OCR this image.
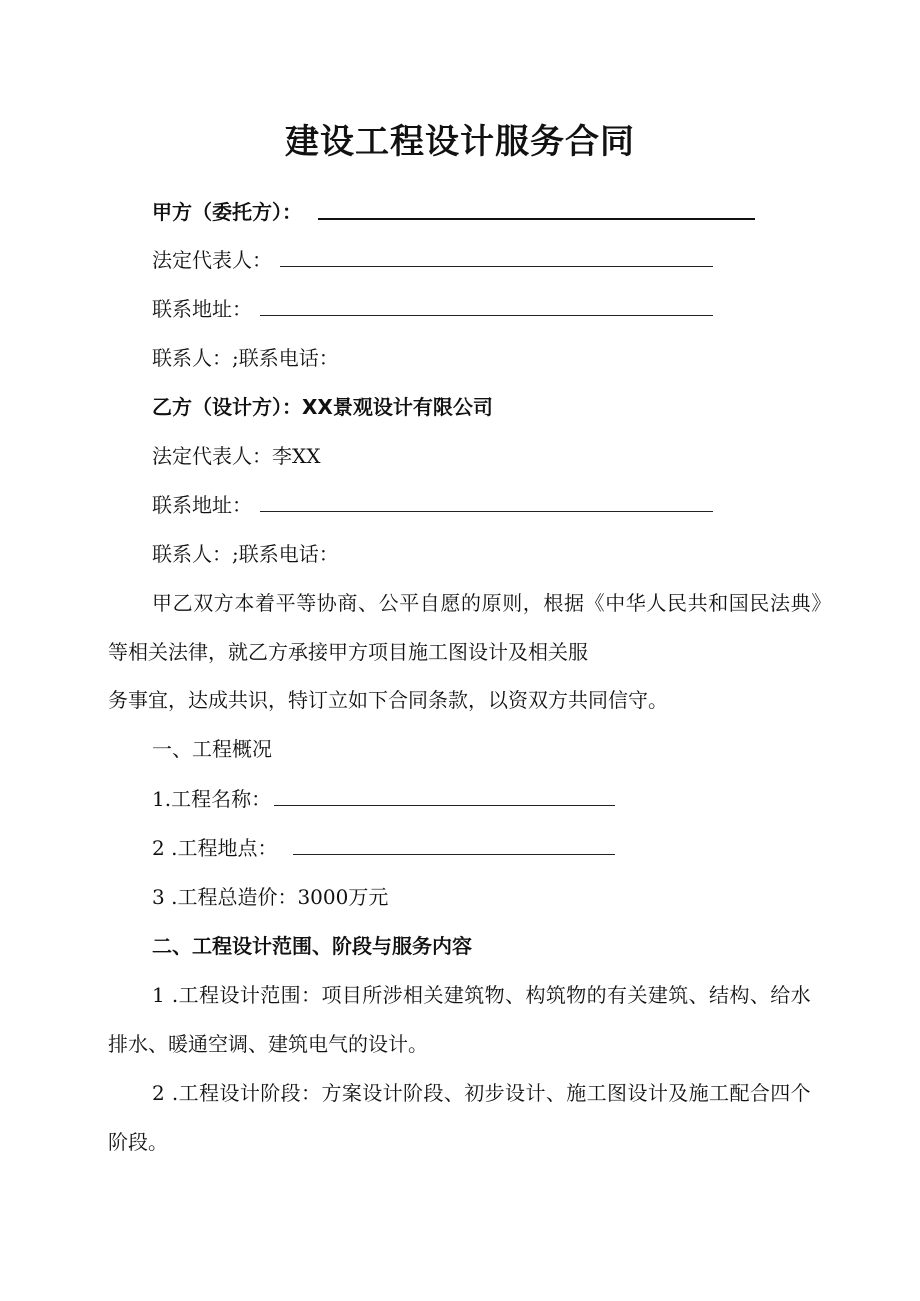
建设工程设计服务合同
甲方（委托方）：
法定代表人：
联系地址：
联系人：;联系电话：
乙方（设计方）：XX景观设计有限公司
法定代表人：李XX
联系地址：
联系人：;联系电话：
甲乙双方本着平等协商、公平自愿的原则，根据《中华人民共和国民法典》
等相关法律，就乙方承接甲方项目施工图设计及相关服
务事宜，达成共识，特订立如下合同条款，以资双方共同信守。
一、工程概况
1.工程名称：
2 .工程地点：
3 .工程总造价：3000万元
二、工程设计范围、阶段与服务内容
1 .工程设计范围：项目所涉相关建筑物、构筑物的有关建筑、结构、给水
排水、暖通空调、建筑电气的设计。
2 .工程设计阶段：方案设计阶段、初步设计、施工图设计及施工配合四个
阶段。
